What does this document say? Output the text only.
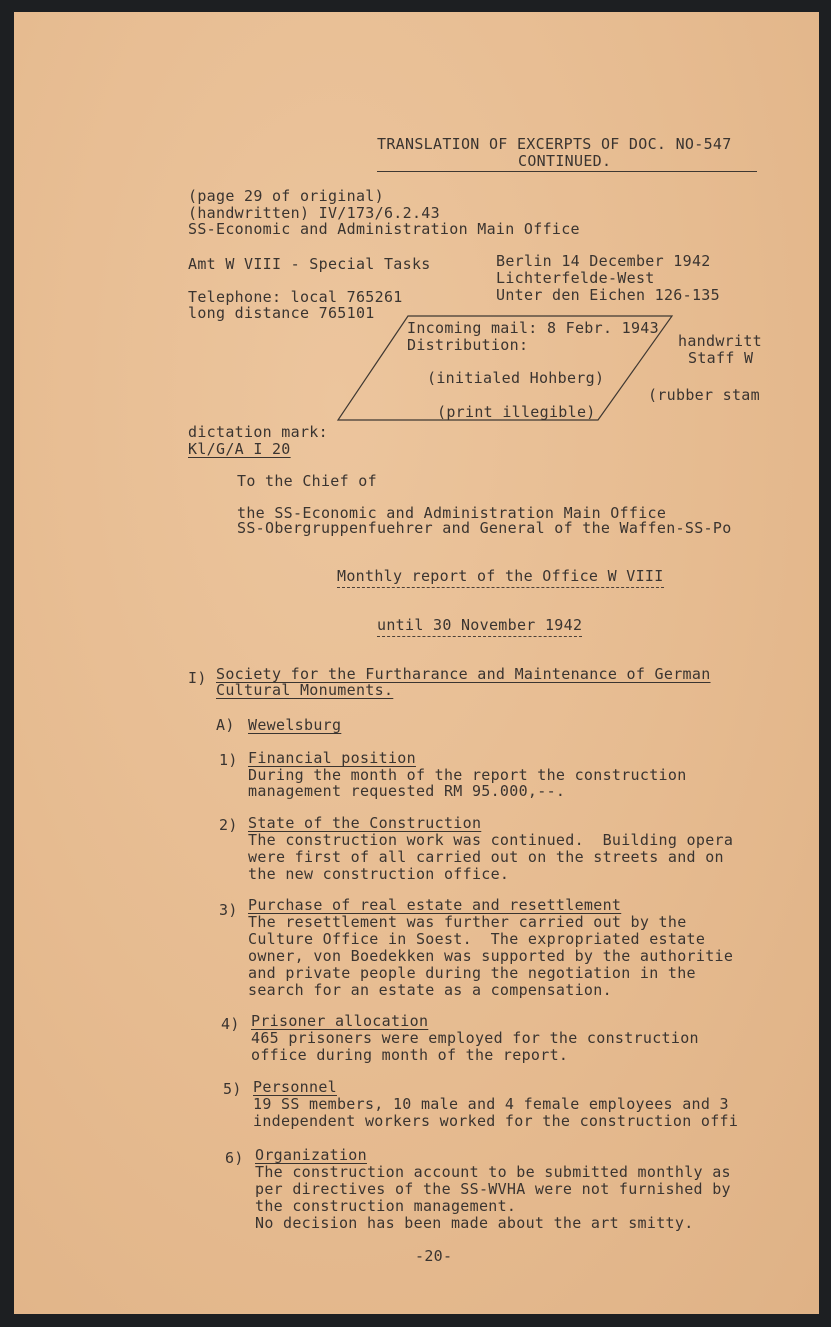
TRANSLATION OF EXCERPTS OF DOC. NO-547
CONTINUED.
(page 29 of original)
(handwritten) IV/173/6.2.43
SS-Economic and Administration Main Office
Amt W VIII - Special Tasks
Telephone: local 765261
long distance 765101
Berlin 14 December 1942
Lichterfelde-West
Unter den Eichen 126-135
Incoming mail: 8 Febr. 1943
Distribution:
(initialed Hohberg)
(print illegible)
handwritt
Staff W
(rubber stam
dictation mark:
Kl/G/A I 20
To the Chief of
the SS-Economic and Administration Main Office
SS-Obergruppenfuehrer and General of the Waffen-SS-Po
Monthly report of the Office W VIII
until 30 November 1942
I) Society for the Furtharance and Maintenance of German
Cultural Monuments.
A) Wewelsburg
1) Financial position
During the month of the report the construction
management requested RM 95.000,--.
2) State of the Construction
The construction work was continued.  Building opera
were first of all carried out on the streets and on
the new construction office.
3) Purchase of real estate and resettlement
The resettlement was further carried out by the
Culture Office in Soest.  The expropriated estate
owner, von Boedekken was supported by the authoritie
and private people during the negotiation in the
search for an estate as a compensation.
4) Prisoner allocation
465 prisoners were employed for the construction
office during month of the report.
5) Personnel
19 SS members, 10 male and 4 female employees and 3
independent workers worked for the construction offi
6) Organization
The construction account to be submitted monthly as
per directives of the SS-WVHA were not furnished by
the construction management.
No decision has been made about the art smitty.
-20-
